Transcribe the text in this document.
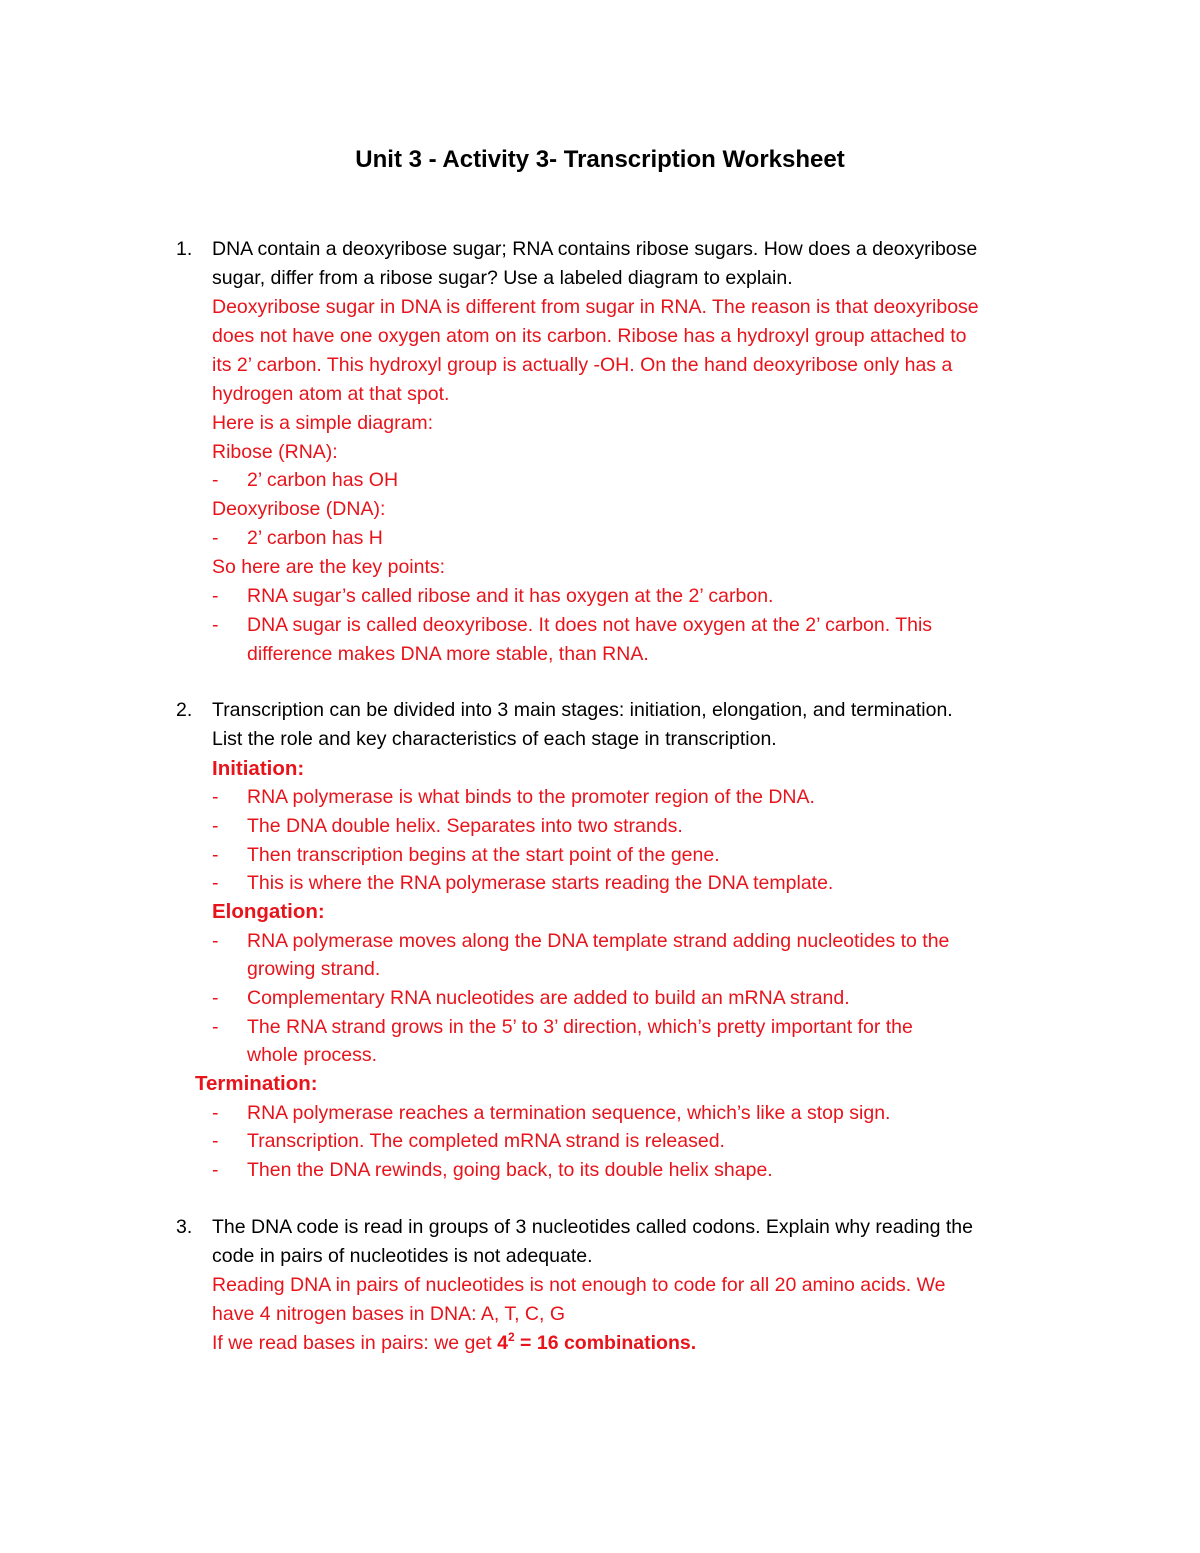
Unit 3 - Activity 3- Transcription Worksheet
1. DNA contain a deoxyribose sugar; RNA contains ribose sugars. How does a deoxyribose
sugar, differ from a ribose sugar? Use a labeled diagram to explain.
Deoxyribose sugar in DNA is different from sugar in RNA. The reason is that deoxyribose
does not have one oxygen atom on its carbon. Ribose has a hydroxyl group attached to
its 2’ carbon. This hydroxyl group is actually -OH. On the hand deoxyribose only has a
hydrogen atom at that spot.
Here is a simple diagram:
Ribose (RNA):
- 2’ carbon has OH
Deoxyribose (DNA):
- 2’ carbon has H
So here are the key points:
- RNA sugar’s called ribose and it has oxygen at the 2’ carbon.
- DNA sugar is called deoxyribose. It does not have oxygen at the 2’ carbon. This
difference makes DNA more stable, than RNA.
2. Transcription can be divided into 3 main stages: initiation, elongation, and termination.
List the role and key characteristics of each stage in transcription.
Initiation:
- RNA polymerase is what binds to the promoter region of the DNA.
- The DNA double helix. Separates into two strands.
- Then transcription begins at the start point of the gene.
- This is where the RNA polymerase starts reading the DNA template.
Elongation:
- RNA polymerase moves along the DNA template strand adding nucleotides to the
growing strand.
- Complementary RNA nucleotides are added to build an mRNA strand.
- The RNA strand grows in the 5’ to 3’ direction, which’s pretty important for the
whole process.
Termination:
- RNA polymerase reaches a termination sequence, which’s like a stop sign.
- Transcription. The completed mRNA strand is released.
- Then the DNA rewinds, going back, to its double helix shape.
3. The DNA code is read in groups of 3 nucleotides called codons. Explain why reading the
code in pairs of nucleotides is not adequate.
Reading DNA in pairs of nucleotides is not enough to code for all 20 amino acids. We
have 4 nitrogen bases in DNA: A, T, C, G
If we read bases in pairs: we get $4^2 = 16$ combinations.
